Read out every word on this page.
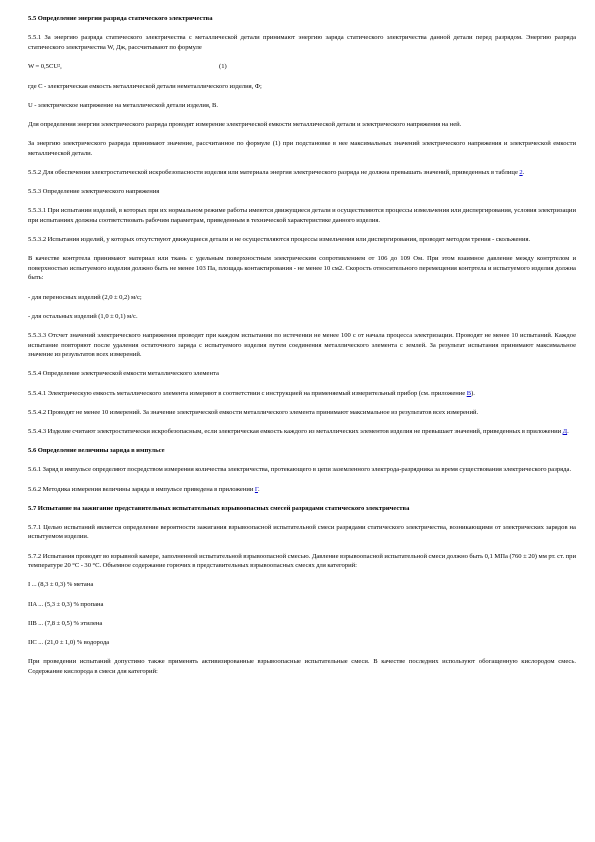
5.5 Определение энергии разряда статического электричества

5.5.1 За энергию разряда статического электричества с металлической детали принимают энергию заряда статического электричества данной детали перед разрядом. Энергию разряда статического электричества W, Дж, рассчитывают по формуле

W = 0,5CU²,	(1)

где С - электрическая емкость металлической детали неметаллического изделия, Ф;

U - электрическое напряжение на металлической детали изделия, В.

Для определения энергии электрического разряда проводят измерение электрической емкости металлической детали и электрического напряжения на ней.

За энергию электрического разряда принимают значение, рассчитанное по формуле (1) при подстановке в нее максимальных значений электрического напряжения и электрической емкости металлической детали.

5.5.2 Для обеспечения электростатической искробезопасности изделия или материала энергия электрического разряда не должна превышать значений, приведенных в таблице 2.

5.5.3 Определение электрического напряжения

5.5.3.1 При испытании изделий, в которых при их нормальном режиме работы имеются движущиеся детали и осуществляются процессы измельчения или диспергирования, условия электризации при испытаниях должны соответствовать рабочим параметрам, приведенным в технической характеристике данного изделия.

5.5.3.2 Испытания изделий, у которых отсутствуют движущиеся детали и не осуществляются процессы измельчения или диспергирования, проводят методом трения - скольжения.

В качестве контртела принимают материал или ткань с удельным поверхностным электрическим сопротивлением от 106 до 109 Ом. При этом взаимное давление между контртелом и поверхностью испытуемого изделия должно быть не менее 103 Па, площадь контактирования - не менее 10 см2. Скорость относительного перемещения контртела и испытуемого изделия должна быть:

- для переносных изделий (2,0 ± 0,2) м/с;

- для остальных изделий (1,0 ± 0,1) м/с.

5.5.3.3 Отсчет значений электрического напряжения проводят при каждом испытании по истечении не менее 100 с от начала процесса электризации. Проводят не менее 10 испытаний. Каждое испытание повторяют после удаления остаточного заряда с испытуемого изделия путем соединения металлического элемента с землей. За результат испытания принимают максимальное значение из результатов всех измерений.

5.5.4 Определение электрической емкости металлического элемента

5.5.4.1 Электрическую емкость металлического элемента измеряют в соответствии с инструкцией на применяемый измерительный прибор (см. приложение В).

5.5.4.2 Проводят не менее 10 измерений. За значение электрической емкости металлического элемента принимают максимальное из результатов всех измерений.

5.5.4.3 Изделие считают электростатически искробезопасным, если электрическая емкость каждого из металлических элементов изделия не превышает значений, приведенных в приложении Д.

5.6 Определение величины заряда в импульсе

5.6.1 Заряд в импульсе определяют посредством измерения количества электричества, протекающего в цепи заземленного электрода-разрядника за время существования электрического разряда.

5.6.2 Методика измерения величины заряда в импульсе приведена в приложении Г.

5.7 Испытание на зажигание представительных испытательных взрывоопасных смесей разрядами статического электричества

5.7.1 Целью испытаний является определение вероятности зажигания взрывоопасной испытательной смеси разрядами статического электричества, возникающими от электрических зарядов на испытуемом изделии.

5.7.2 Испытания проводят во взрывной камере, заполненной испытательной взрывоопасной смесью. Давление взрывоопасной испытательной смеси должно быть 0,1 МПа (760 ± 20) мм рт. ст. при температуре 20 °С - 30 °С. Объемное содержание горючих в представительных взрывоопасных смесях для категорий:

I ... (8,3 ± 0,3) % метана

IIA ... (5,3 ± 0,3) % пропана

IIB ... (7,8 ± 0,5) % этилена

IIC ... (21,0 ± 1,0) % водорода

При проведении испытаний допустимо также применять активизированные взрывоопасные испытательные смеси. В качестве последних используют обогащенную кислородом смесь. Содержание кислорода в смеси для категорий:
